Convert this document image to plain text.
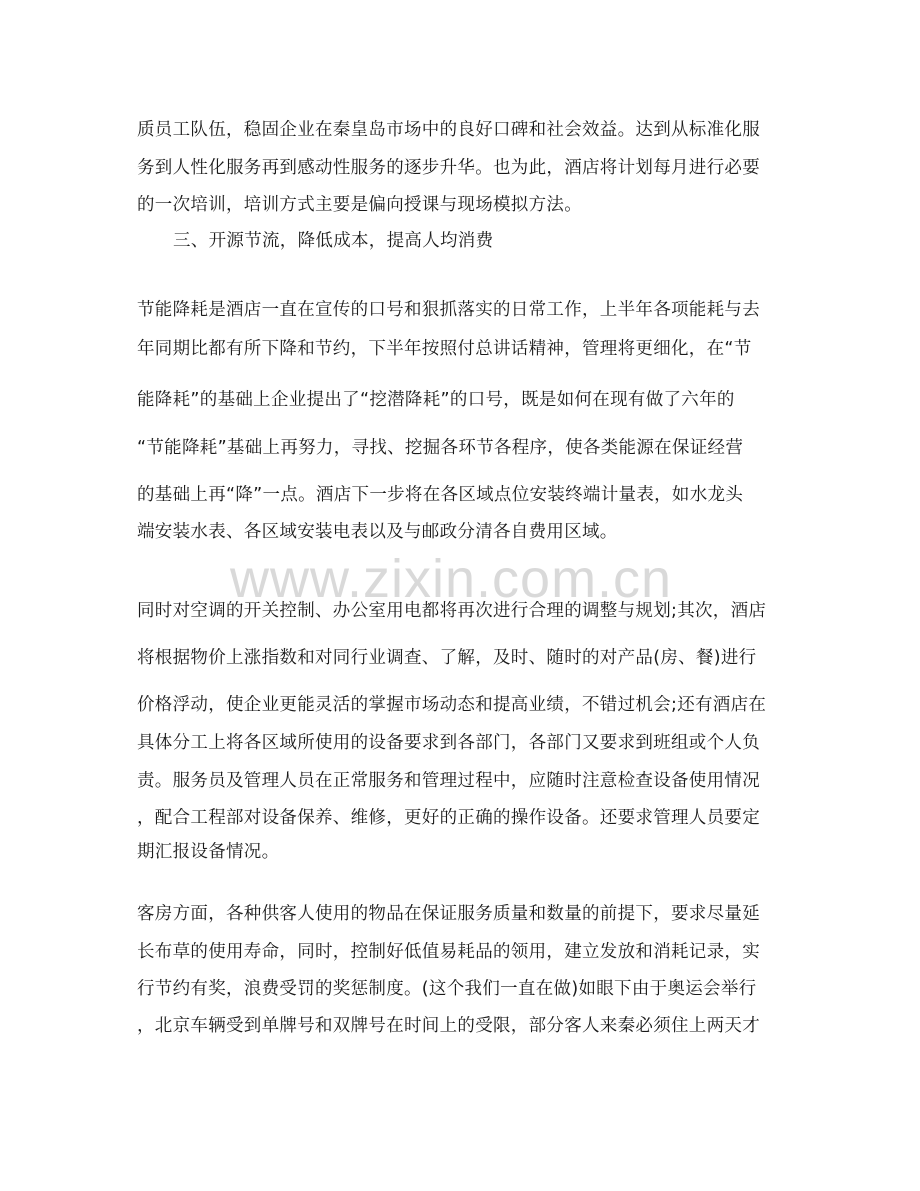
www.zixin.com.cn
质员工队伍，稳固企业在秦皇岛市场中的良好口碑和社会效益。达到从标准化服
务到人性化服务再到感动性服务的逐步升华。也为此，酒店将计划每月进行必要
的一次培训，培训方式主要是偏向授课与现场模拟方法。
三、开源节流，降低成本，提高人均消费
节能降耗是酒店一直在宣传的口号和狠抓落实的日常工作，上半年各项能耗与去
年同期比都有所下降和节约，下半年按照付总讲话精神，管理将更细化，在“节
能降耗”的基础上企业提出了“挖潜降耗”的口号，既是如何在现有做了六年的
“节能降耗”基础上再努力，寻找、挖掘各环节各程序，使各类能源在保证经营
的基础上再“降”一点。酒店下一步将在各区域点位安装终端计量表，如水龙头
端安装水表、各区域安装电表以及与邮政分清各自费用区域。
同时对空调的开关控制、办公室用电都将再次进行合理的调整与规划;其次，酒店
将根据物价上涨指数和对同行业调查、了解，及时、随时的对产品(房、餐)进行
价格浮动，使企业更能灵活的掌握市场动态和提高业绩，不错过机会;还有酒店在
具体分工上将各区域所使用的设备要求到各部门，各部门又要求到班组或个人负
责。服务员及管理人员在正常服务和管理过程中，应随时注意检查设备使用情况
，配合工程部对设备保养、维修，更好的正确的操作设备。还要求管理人员要定
期汇报设备情况。
客房方面，各种供客人使用的物品在保证服务质量和数量的前提下，要求尽量延
长布草的使用寿命，同时，控制好低值易耗品的领用，建立发放和消耗记录，实
行节约有奖，浪费受罚的奖惩制度。(这个我们一直在做)如眼下由于奥运会举行
，北京车辆受到单牌号和双牌号在时间上的受限，部分客人来秦必须住上两天才
